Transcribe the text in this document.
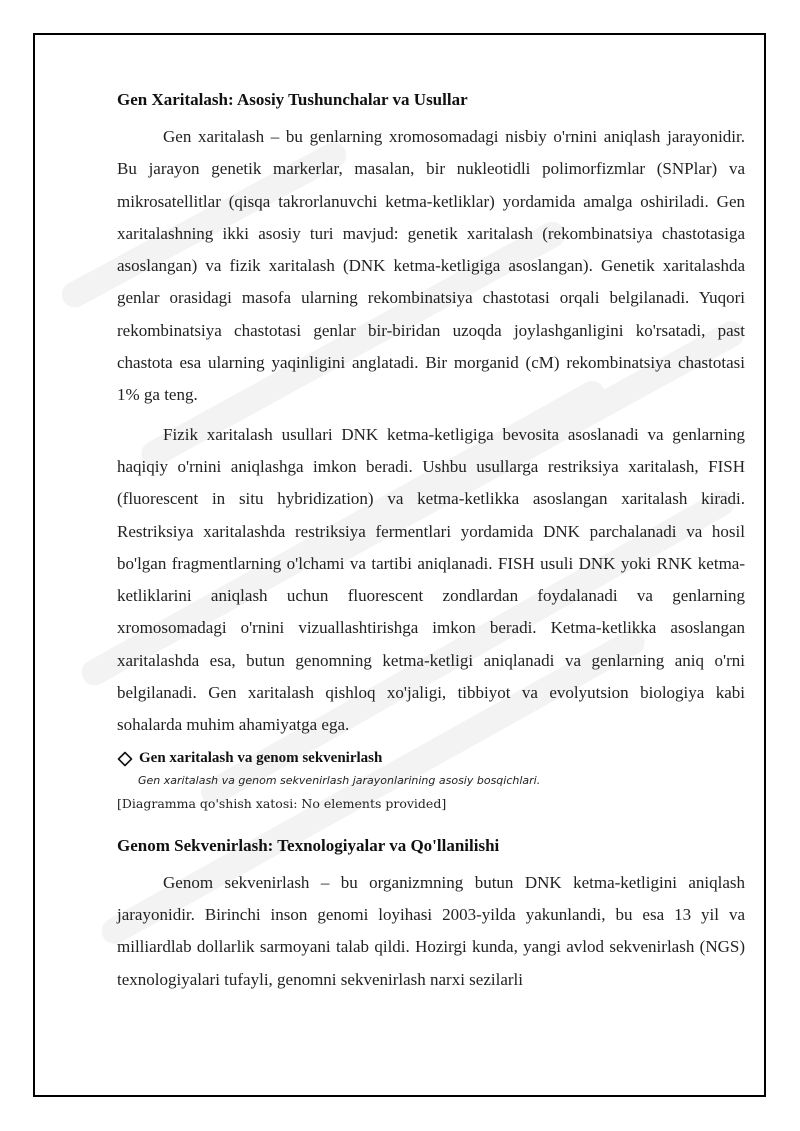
Gen Xaritalash: Asosiy Tushunchalar va Usullar

Gen xaritalash – bu genlarning xromosomadagi nisbiy o'rnini aniqlash jarayonidir. Bu jarayon genetik markerlar, masalan, bir nukleotidli polimorfizmlar (SNPlar) va mikrosatellitlar (qisqa takrorlanuvchi ketma-ketliklar) yordamida amalga oshiriladi. Gen xaritalashning ikki asosiy turi mavjud: genetik xaritalash (rekombinatsiya chastotasiga asoslangan) va fizik xaritalash (DNK ketma-ketligiga asoslangan). Genetik xaritalashda genlar orasidagi masofa ularning rekombinatsiya chastotasi orqali belgilanadi. Yuqori rekombinatsiya chastotasi genlar bir-biridan uzoqda joylashganligini ko'rsatadi, past chastota esa ularning yaqinligini anglatadi. Bir morganid (cM) rekombinatsiya chastotasi 1% ga teng.

Fizik xaritalash usullari DNK ketma-ketligiga bevosita asoslanadi va genlarning haqiqiy o'rnini aniqlashga imkon beradi. Ushbu usullarga restriksiya xaritalash, FISH (fluorescent in situ hybridization) va ketma-ketlikka asoslangan xaritalash kiradi. Restriksiya xaritalashda restriksiya fermentlari yordamida DNK parchalanadi va hosil bo'lgan fragmentlarning o'lchami va tartibi aniqlanadi. FISH usuli DNK yoki RNK ketma-ketliklarini aniqlash uchun fluorescent zondlardan foydalanadi va genlarning xromosomadagi o'rnini vizuallashtirishga imkon beradi. Ketma-ketlikka asoslangan xaritalashda esa, butun genomning ketma-ketligi aniqlanadi va genlarning aniq o'rni belgilanadi. Gen xaritalash qishloq xo'jaligi, tibbiyot va evolyutsion biologiya kabi sohalarda muhim ahamiyatga ega.

Gen xaritalash va genom sekvenirlash
Gen xaritalash va genom sekvenirlash jarayonlarining asosiy bosqichlari.
[Diagramma qo'shish xatosi: No elements provided]
Genom Sekvenirlash: Texnologiyalar va Qo'llanilishi

Genom sekvenirlash – bu organizmning butun DNK ketma-ketligini aniqlash jarayonidir. Birinchi inson genomi loyihasi 2003-yilda yakunlandi, bu esa 13 yil va milliardlab dollarlik sarmoyani talab qildi. Hozirgi kunda, yangi avlod sekvenirlash (NGS) texnologiyalari tufayli, genomni sekvenirlash narxi sezilarli
